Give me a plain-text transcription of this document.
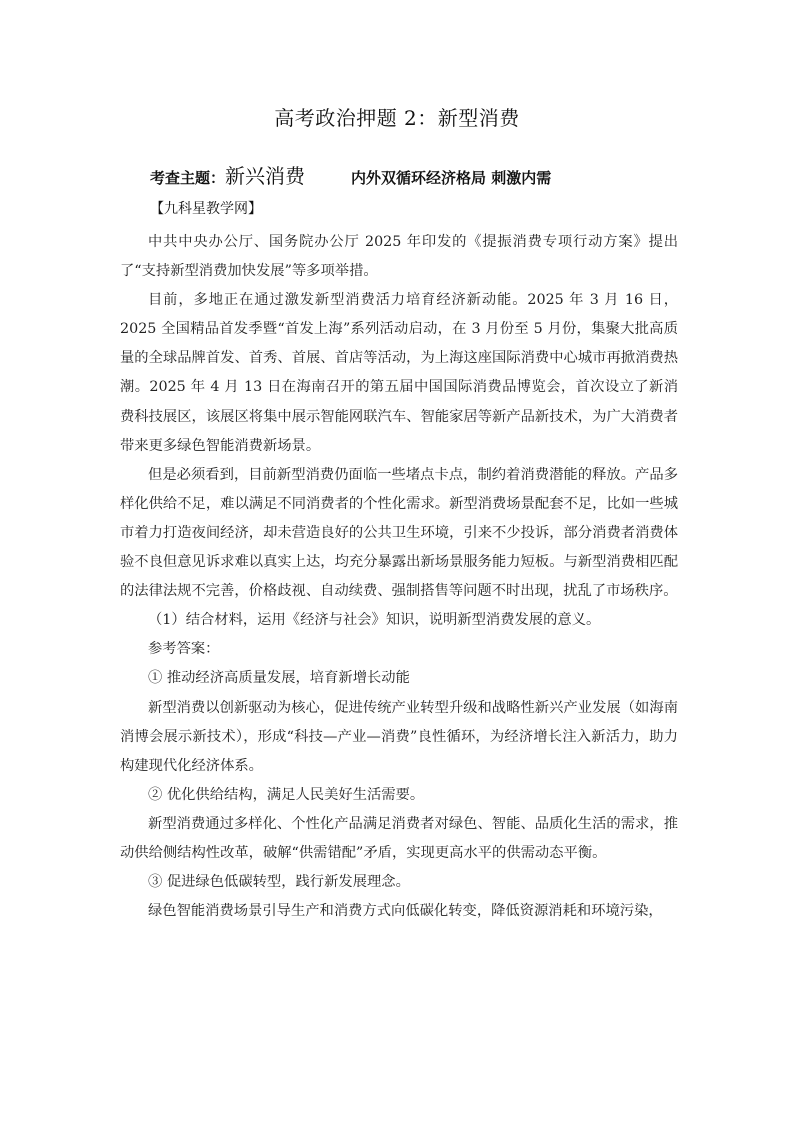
高考政治押题 2：新型消费
考查主题：新兴消费	内外双循环经济格局 刺激内需
【九科星教学网】

中共中央办公厅、国务院办公厅 2025 年印发的《提振消费专项行动方案》提出了“支持新型消费加快发展”等多项举措。

目前，多地正在通过激发新型消费活力培育经济新动能。2025 年 3 月 16 日，2025 全国精品首发季暨“首发上海”系列活动启动，在 3 月份至 5 月份，集聚大批高质量的全球品牌首发、首秀、首展、首店等活动，为上海这座国际消费中心城市再掀消费热潮。2025 年 4 月 13 日在海南召开的第五届中国国际消费品博览会，首次设立了新消费科技展区，该展区将集中展示智能网联汽车、智能家居等新产品新技术，为广大消费者带来更多绿色智能消费新场景。

但是必须看到，目前新型消费仍面临一些堵点卡点，制约着消费潜能的释放。产品多样化供给不足，难以满足不同消费者的个性化需求。新型消费场景配套不足，比如一些城市着力打造夜间经济，却未营造良好的公共卫生环境，引来不少投诉，部分消费者消费体验不良但意见诉求难以真实上达，均充分暴露出新场景服务能力短板。与新型消费相匹配的法律法规不完善，价格歧视、自动续费、强制搭售等问题不时出现，扰乱了市场秩序。

（1）结合材料，运用《经济与社会》知识，说明新型消费发展的意义。

参考答案：

① 推动经济高质量发展，培育新增长动能

新型消费以创新驱动为核心，促进传统产业转型升级和战略性新兴产业发展（如海南消博会展示新技术），形成“科技—产业—消费”良性循环，为经济增长注入新活力，助力构建现代化经济体系。

② 优化供给结构，满足人民美好生活需要。

新型消费通过多样化、个性化产品满足消费者对绿色、智能、品质化生活的需求，推动供给侧结构性改革，破解“供需错配”矛盾，实现更高水平的供需动态平衡。

③ 促进绿色低碳转型，践行新发展理念。

绿色智能消费场景引导生产和消费方式向低碳化转变，降低资源消耗和环境污染，
